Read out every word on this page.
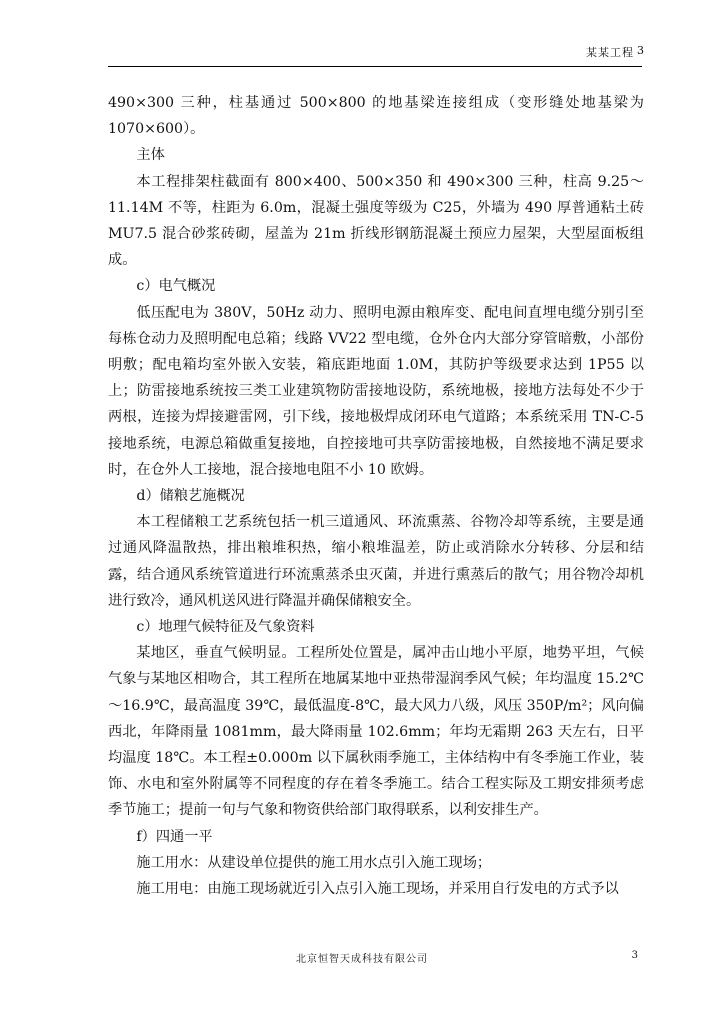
某某工程 3

490×300 三种，柱基通过 500×800 的地基梁连接组成（变形缝处地基梁为 1070×600）。

主体

本工程排架柱截面有 800×400、500×350 和 490×300 三种，柱高 9.25～11.14M 不等，柱距为 6.0m，混凝土强度等级为 C25，外墙为 490 厚普通粘土砖 MU7.5 混合砂浆砖砌，屋盖为 21m 折线形钢筋混凝土预应力屋架，大型屋面板组成。

c）电气概况

低压配电为 380V，50Hz 动力、照明电源由粮库变、配电间直埋电缆分别引至每栋仓动力及照明配电总箱；线路 VV22 型电缆，仓外仓内大部分穿管暗敷，小部份明敷；配电箱均室外嵌入安装，箱底距地面 1.0M，其防护等级要求达到 1P55 以上；防雷接地系统按三类工业建筑物防雷接地设防，系统地极，接地方法每处不少于两根，连接为焊接避雷网，引下线，接地极焊成闭环电气道路；本系统采用 TN-C-5 接地系统，电源总箱做重复接地，自控接地可共享防雷接地极，自然接地不满足要求时，在仓外人工接地，混合接地电阻不小 10 欧姆。

d）储粮艺施概况

本工程储粮工艺系统包括一机三道通风、环流熏蒸、谷物冷却等系统，主要是通过通风降温散热，排出粮堆积热，缩小粮堆温差，防止或消除水分转移、分层和结露，结合通风系统管道进行环流熏蒸杀虫灭菌，并进行熏蒸后的散气；用谷物冷却机进行致冷，通风机送风进行降温并确保储粮安全。

c）地理气候特征及气象资料

某地区，垂直气候明显。工程所处位置是，属冲击山地小平原，地势平坦，气候气象与某地区相吻合，其工程所在地属某地中亚热带湿润季风气候；年均温度 15.2℃～16.9℃，最高温度 39℃，最低温度-8℃，最大风力八级，风压 350P/m²；风向偏西北，年降雨量 1081mm，最大降雨量 102.6mm；年均无霜期 263 天左右，日平均温度 18℃。本工程±0.000m 以下属秋雨季施工，主体结构中有冬季施工作业，装饰、水电和室外附属等不同程度的存在着冬季施工。结合工程实际及工期安排须考虑季节施工；提前一旬与气象和物资供给部门取得联系，以利安排生产。

f）四通一平

施工用水：从建设单位提供的施工用水点引入施工现场；

施工用电：由施工现场就近引入点引入施工现场，并采用自行发电的方式予以

北京恒智天成科技有限公司	3
